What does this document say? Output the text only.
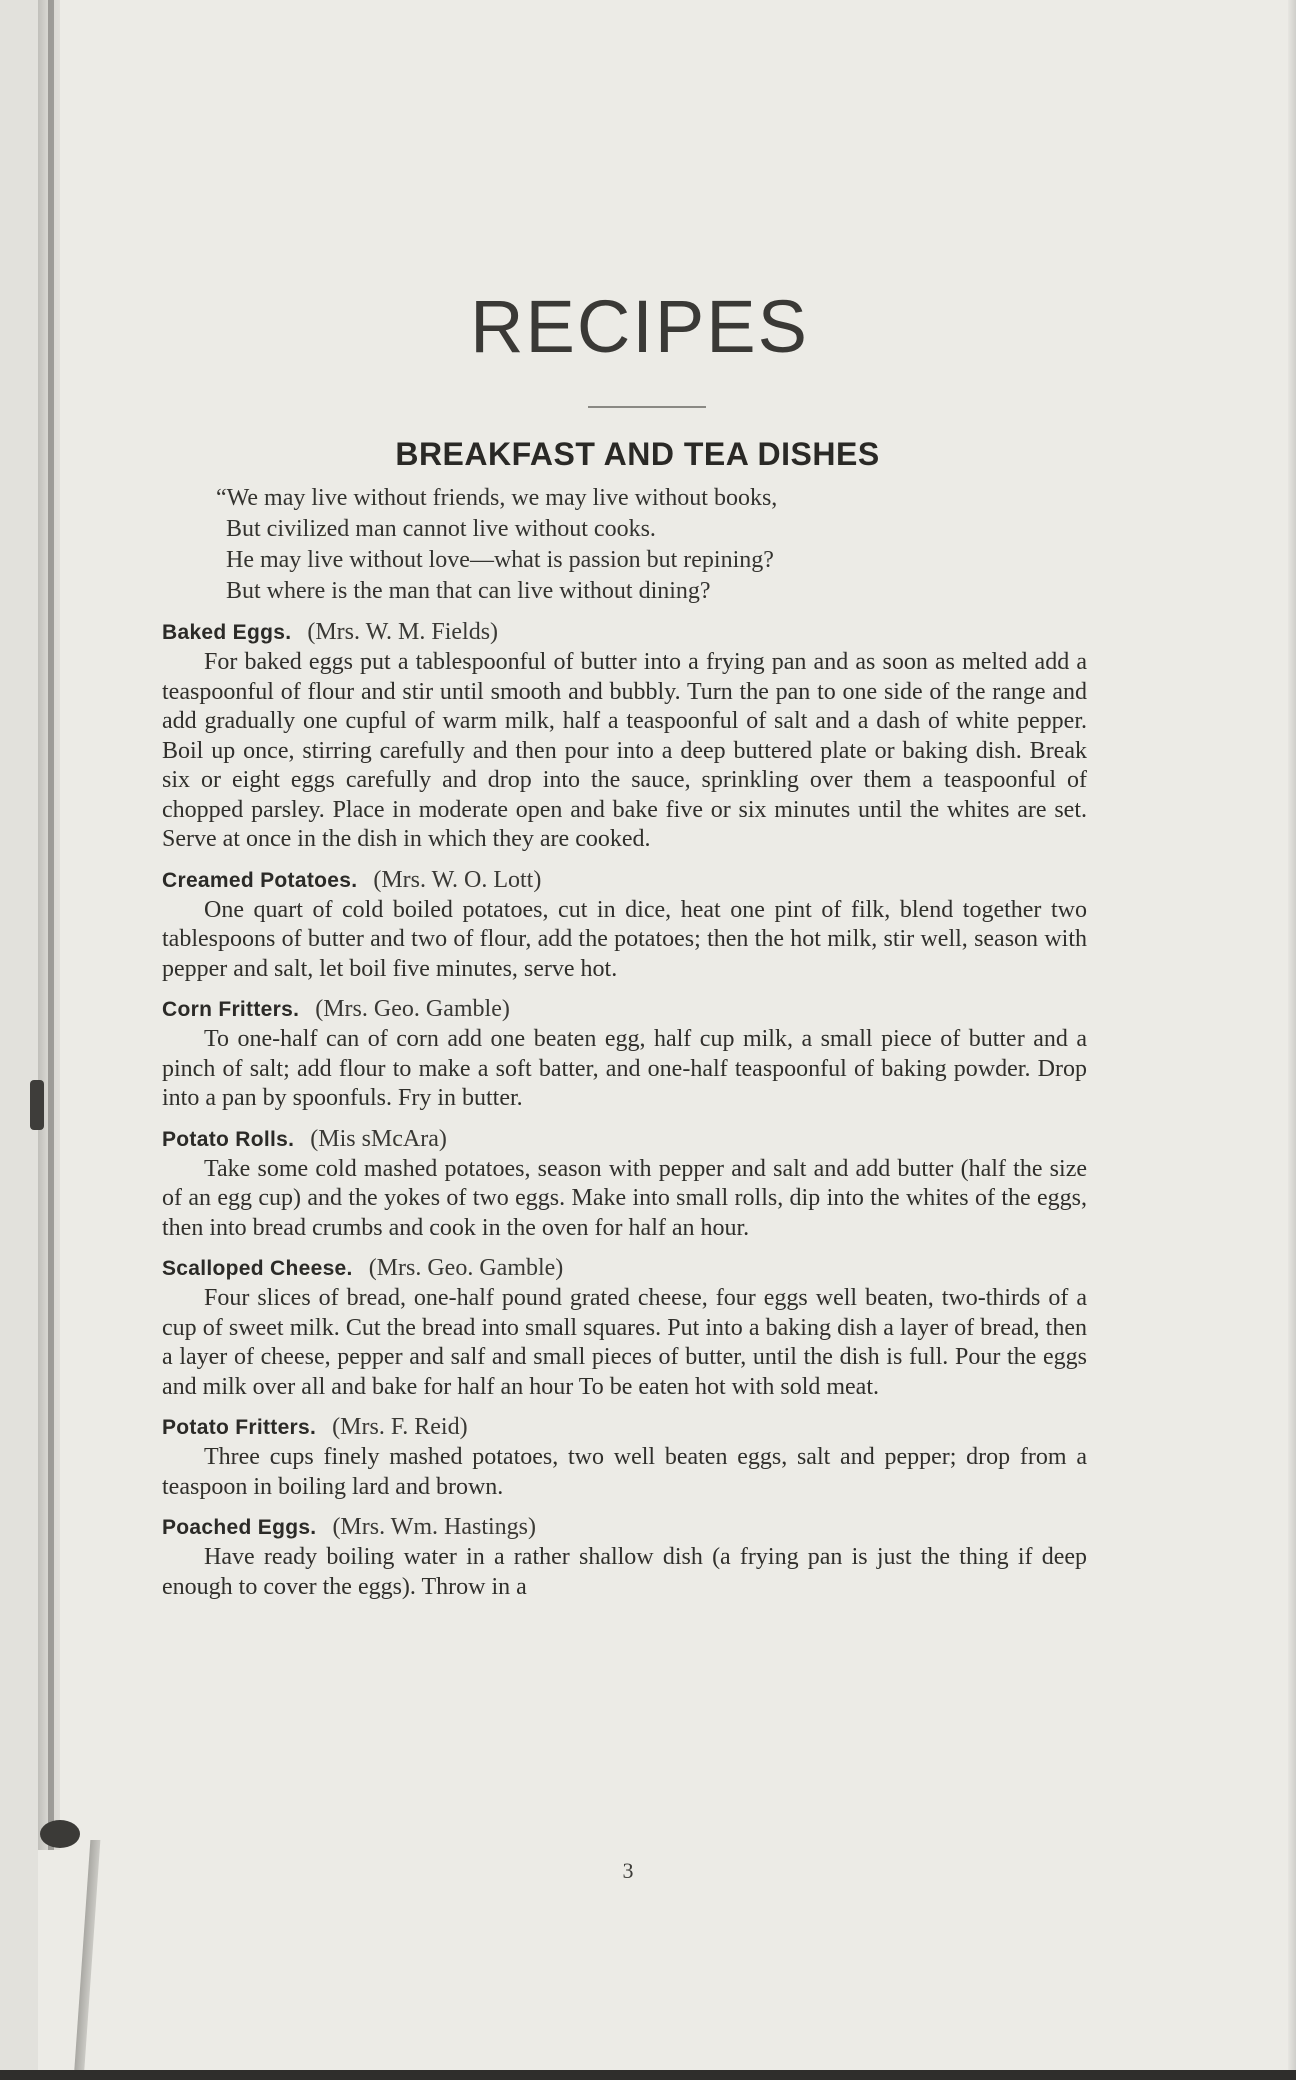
RECIPES
BREAKFAST AND TEA DISHES
“We may live without friends, we may live without books,
But civilized man cannot live without cooks.
He may live without love—what is passion but repining?
But where is the man that can live without dining?
Baked Eggs. (Mrs. W. M. Fields)

For baked eggs put a tablespoonful of butter into a frying pan and as soon as melted add a teaspoonful of flour and stir until smooth and bubbly. Turn the pan to one side of the range and add gradually one cupful of warm milk, half a teaspoonful of salt and a dash of white pepper. Boil up once, stirring carefully and then pour into a deep buttered plate or baking dish. Break six or eight eggs carefully and drop into the sauce, sprinkling over them a teaspoonful of chopped parsley. Place in moderate open and bake five or six minutes until the whites are set. Serve at once in the dish in which they are cooked.

Creamed Potatoes. (Mrs. W. O. Lott)

One quart of cold boiled potatoes, cut in dice, heat one pint of filk, blend together two tablespoons of butter and two of flour, add the potatoes; then the hot milk, stir well, season with pepper and salt, let boil five minutes, serve hot.

Corn Fritters. (Mrs. Geo. Gamble)

To one-half can of corn add one beaten egg, half cup milk, a small piece of butter and a pinch of salt; add flour to make a soft batter, and one-half teaspoonful of baking powder. Drop into a pan by spoonfuls. Fry in butter.

Potato Rolls. (Mis sMcAra)

Take some cold mashed potatoes, season with pepper and salt and add butter (half the size of an egg cup) and the yokes of two eggs. Make into small rolls, dip into the whites of the eggs, then into bread crumbs and cook in the oven for half an hour.

Scalloped Cheese. (Mrs. Geo. Gamble)

Four slices of bread, one-half pound grated cheese, four eggs well beaten, two-thirds of a cup of sweet milk. Cut the bread into small squares. Put into a baking dish a layer of bread, then a layer of cheese, pepper and salf and small pieces of butter, until the dish is full. Pour the eggs and milk over all and bake for half an hour To be eaten hot with sold meat.

Potato Fritters. (Mrs. F. Reid)

Three cups finely mashed potatoes, two well beaten eggs, salt and pepper; drop from a teaspoon in boiling lard and brown.

Poached Eggs. (Mrs. Wm. Hastings)

Have ready boiling water in a rather shallow dish (a frying pan is just the thing if deep enough to cover the eggs). Throw in a

3
